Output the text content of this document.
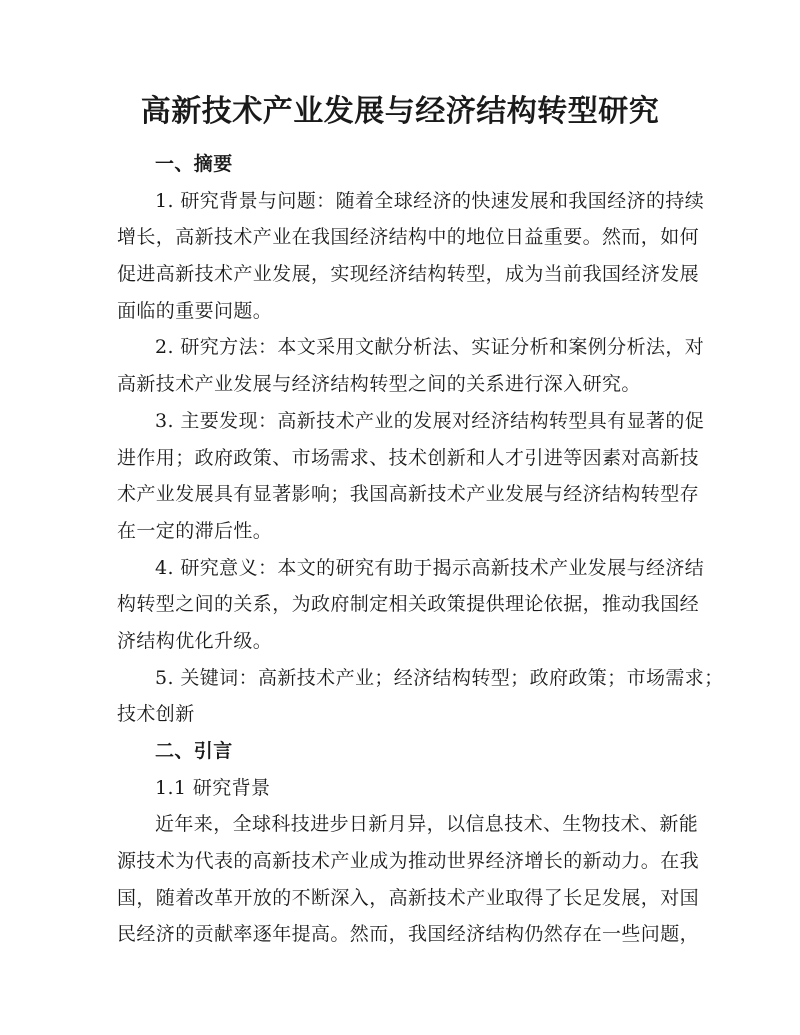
高新技术产业发展与经济结构转型研究
一、摘要
1. 研究背景与问题：随着全球经济的快速发展和我国经济的持续
增长，高新技术产业在我国经济结构中的地位日益重要。然而，如何
促进高新技术产业发展，实现经济结构转型，成为当前我国经济发展
面临的重要问题。
2. 研究方法：本文采用文献分析法、实证分析和案例分析法，对
高新技术产业发展与经济结构转型之间的关系进行深入研究。
3. 主要发现：高新技术产业的发展对经济结构转型具有显著的促
进作用；政府政策、市场需求、技术创新和人才引进等因素对高新技
术产业发展具有显著影响；我国高新技术产业发展与经济结构转型存
在一定的滞后性。
4. 研究意义：本文的研究有助于揭示高新技术产业发展与经济结
构转型之间的关系，为政府制定相关政策提供理论依据，推动我国经
济结构优化升级。
5. 关键词：高新技术产业；经济结构转型；政府政策；市场需求；
技术创新
二、引言
1.1 研究背景
近年来，全球科技进步日新月异，以信息技术、生物技术、新能
源技术为代表的高新技术产业成为推动世界经济增长的新动力。在我
国，随着改革开放的不断深入，高新技术产业取得了长足发展，对国
民经济的贡献率逐年提高。然而，我国经济结构仍然存在一些问题，
